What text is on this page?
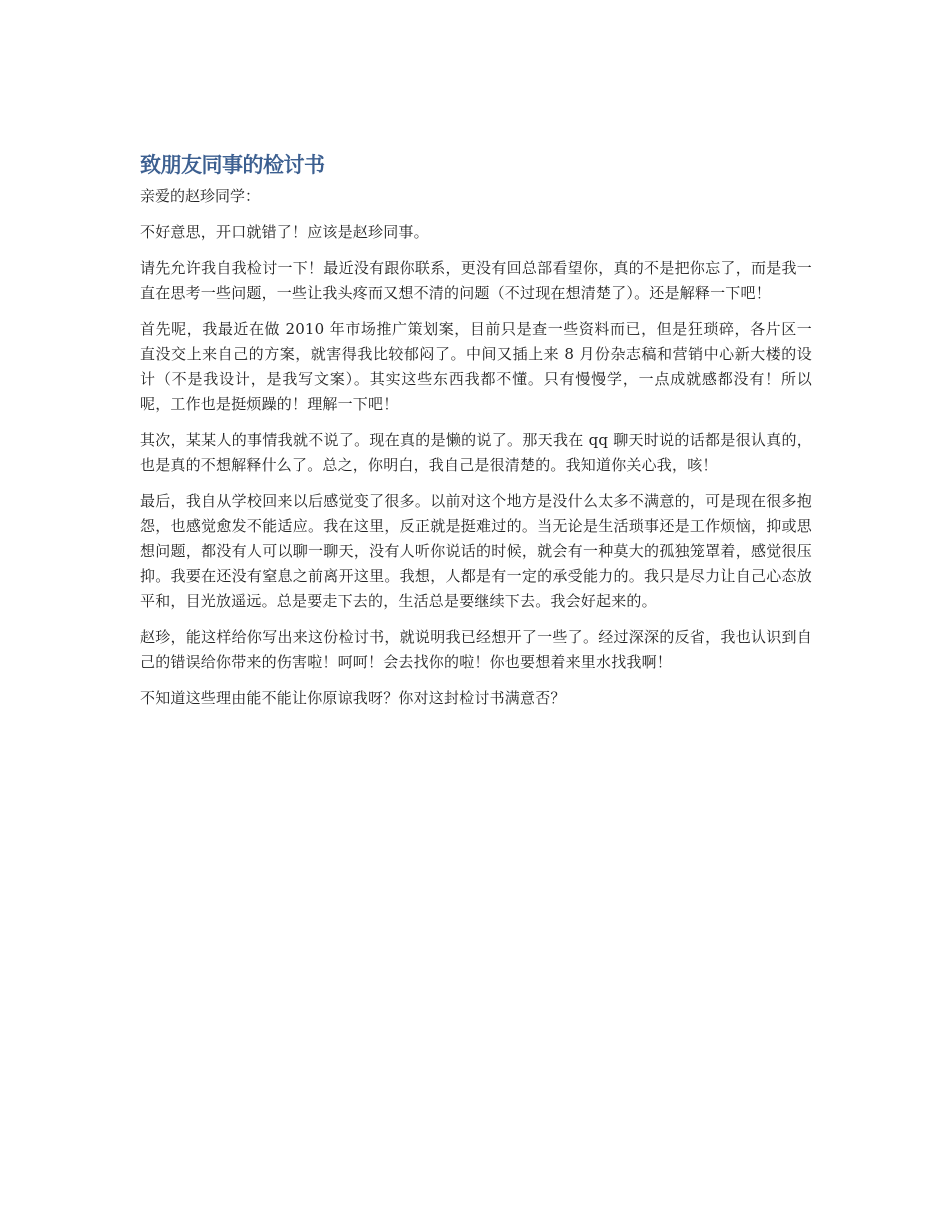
致朋友同事的检讨书

亲爱的赵珍同学：

不好意思，开口就错了！应该是赵珍同事。

请先允许我自我检讨一下！最近没有跟你联系，更没有回总部看望你，真的不是把你忘了，而是我一直在思考一些问题，一些让我头疼而又想不清的问题（不过现在想清楚了）。还是解释一下吧！

首先呢，我最近在做 2010 年市场推广策划案，目前只是查一些资料而已，但是狂琐碎，各片区一直没交上来自己的方案，就害得我比较郁闷了。中间又插上来 8 月份杂志稿和营销中心新大楼的设计（不是我设计，是我写文案）。其实这些东西我都不懂。只有慢慢学，一点成就感都没有！所以呢，工作也是挺烦躁的！理解一下吧！

其次，某某人的事情我就不说了。现在真的是懒的说了。那天我在 qq 聊天时说的话都是很认真的，也是真的不想解释什么了。总之，你明白，我自己是很清楚的。我知道你关心我，咳！

最后，我自从学校回来以后感觉变了很多。以前对这个地方是没什么太多不满意的，可是现在很多抱怨，也感觉愈发不能适应。我在这里，反正就是挺难过的。当无论是生活琐事还是工作烦恼，抑或思想问题，都没有人可以聊一聊天，没有人听你说话的时候，就会有一种莫大的孤独笼罩着，感觉很压抑。我要在还没有窒息之前离开这里。我想，人都是有一定的承受能力的。我只是尽力让自己心态放平和，目光放遥远。总是要走下去的，生活总是要继续下去。我会好起来的。

赵珍，能这样给你写出来这份检讨书，就说明我已经想开了一些了。经过深深的反省，我也认识到自己的错误给你带来的伤害啦！呵呵！会去找你的啦！你也要想着来里水找我啊！

不知道这些理由能不能让你原谅我呀？你对这封检讨书满意否？
